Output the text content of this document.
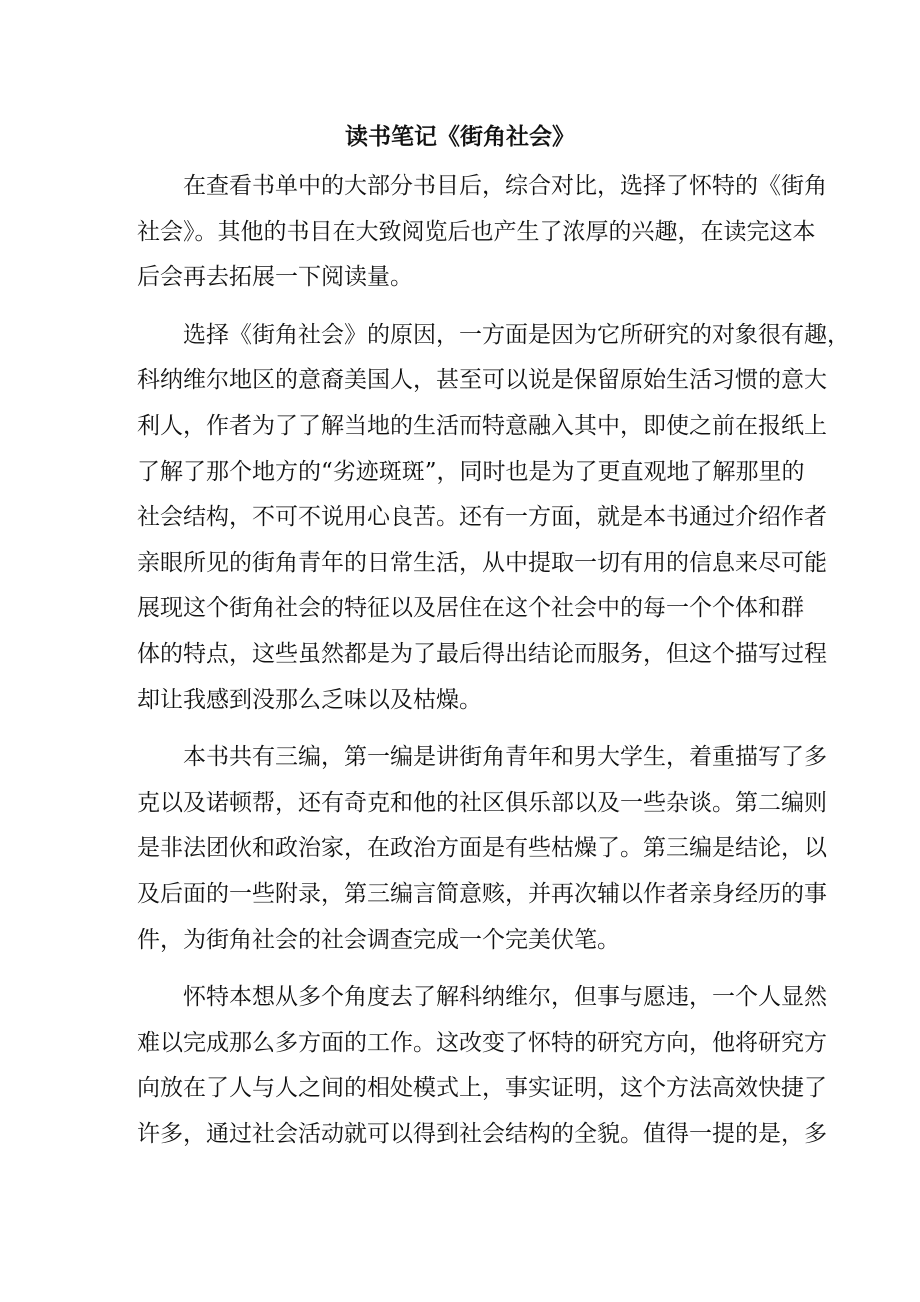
读书笔记《街角社会》
在查看书单中的大部分书目后，综合对比，选择了怀特的《街角
社会》。其他的书目在大致阅览后也产生了浓厚的兴趣，在读完这本
后会再去拓展一下阅读量。
选择《街角社会》的原因，一方面是因为它所研究的对象很有趣，
科纳维尔地区的意裔美国人，甚至可以说是保留原始生活习惯的意大
利人，作者为了了解当地的生活而特意融入其中，即使之前在报纸上
了解了那个地方的“劣迹斑斑”，同时也是为了更直观地了解那里的
社会结构，不可不说用心良苦。还有一方面，就是本书通过介绍作者
亲眼所见的街角青年的日常生活，从中提取一切有用的信息来尽可能
展现这个街角社会的特征以及居住在这个社会中的每一个个体和群
体的特点，这些虽然都是为了最后得出结论而服务，但这个描写过程
却让我感到没那么乏味以及枯燥。
本书共有三编，第一编是讲街角青年和男大学生，着重描写了多
克以及诺顿帮，还有奇克和他的社区俱乐部以及一些杂谈。第二编则
是非法团伙和政治家，在政治方面是有些枯燥了。第三编是结论，以
及后面的一些附录，第三编言简意赅，并再次辅以作者亲身经历的事
件，为街角社会的社会调查完成一个完美伏笔。
怀特本想从多个角度去了解科纳维尔，但事与愿违，一个人显然
难以完成那么多方面的工作。这改变了怀特的研究方向，他将研究方
向放在了人与人之间的相处模式上，事实证明，这个方法高效快捷了
许多，通过社会活动就可以得到社会结构的全貌。值得一提的是，多
